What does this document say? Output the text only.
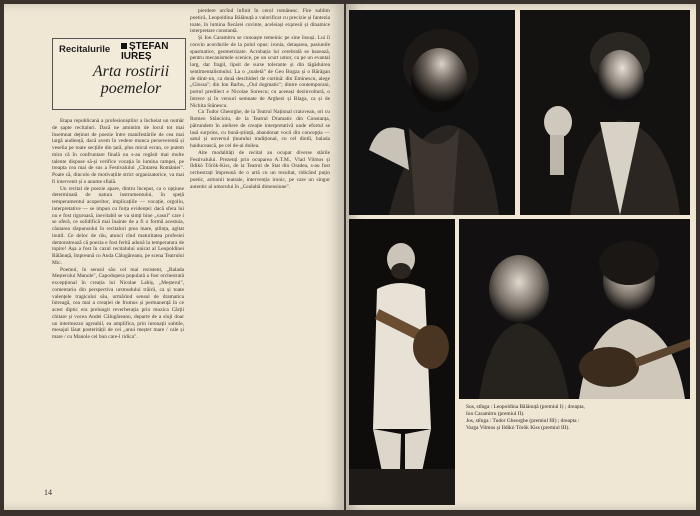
Recitalurile	ȘTEFAN IUREȘ
Arta rostirii poemelor

Etapa republicană a profesioniștilor a încheiat un număr de șapte recitaluri. Dacă ne amintim de locul tot mai însemnat deținut de poezie între manifestările de cea mai largă audiență, dacă avem în vedere munca perseverentă și veselia pe toate secțiile din țară, plus micul ecran, ce putem mira că în confruntare finală nu s-au regăsit mai multe talente dispuse să-și verifice vocația în lumina rampei, pe treapta cea mai de sus a Festivalului „Cîntarea României". Poate că, dincolo de motivațiile strict organizatorice, va mai fi intervenit și o anume sfială.

Un recital de poezie apare, dintru început, ca o opțiune determinată de natura instrumentului, în speță temperamentul acoperitor, implicațiile — vocație, orgoliu, interpretative — se impun cu forța evidenței: dacă sfera lui nu e fost riguroasă, inevitabil se va simți bine „vasul" care i se oferă, ce solidifică mai înainte de a fi o formă acestuia, căutarea răspunsului în recitaluri prea mare, știința, agitat inutil. Ce deloc de rău, atunci cînd maturitatea profesiei demonstrează că poezia e fost ferită adună la temperatura de topire! Așa a fost în cazul recitalului unicat al Leopoldinei Bălănuță, împreună cu Anda Călugăreanu, pe scena Teatrului Mic.

Poemul, în sensul său cel mai rezistent, „Balada Meșterului Manole", Capodopera populară a fost orchestrată excepțional în creația lui Nicolae Labiș, „Meșterul", comentariu din perspectiva ursmudului trăirii, ca și toate valențele tragicului său, urmărind sensul de dramatica întreagă, cea mai a creației de frumos și permanență în ce acest diptic era prelungit reverberația prin muzica Cărții chitare și vocea Andei Călugăreanu, departe de a sluji doar un intermezzo agreabil, ea amplifica, prin intonații subtile, mesajul lăsat posterității de cei „unui meșter mare / cale și mare / cu Manole cel bun care-l ridica".

pierdere urcînd infinit în cerul românesc. Fire sublim poetică, Leopoldina Bălănuță a valorificat cu precizie și fantezia toate, în lumina fiecărei cuvinte, aceleiași expresii și dinamice interpretare constantă.

Și Ion Caramitru se cunoaște temeinic pe sine însuși. Lui îi convin acordurile de la polul opus: ironia, detașarea, pasiunile spasmatice, geometrizate. Acrobația lui cerebrală se bazează, pentru mecanismele scenice, pe un scurt umor, ca pe un evantai larg, dar fragil, lipsit de surse tolerante și din tăgăduirea sentimentalismului. La o „toaletă" de Geo Bogza și o Bărăgan de dintr-un, ca două deschideri de cortină: din Eminescu, alege „Glossa"; din Ion Barbu, „Oul dogmatic"; dintre contemporani, portul predilect e Nicolae Sorescu; cu aceeași dezinvoltură, o întrece și în versuri semnate de Arghezi și Blaga, ca și de Nichita Stănescu.

Cu Tudor Gheorghe, de la Teatrul Național craiovean, ori cu Romeo Stăncioiu, de la Teatrul Dramatic din Constanța, pătrundem în ateliere de creație interpretativă unde efortul se lasă surprins, cu bună-știință, abandonat vocii din concepția — satul și unversul ținutului tradițional, cu cel dintîi, balada haiducească, pe cel de-al doilea.

Alte modalități de recital au ocupat diverse stările Festivalului. Prezenți prin ocuparea A.T.M., Vlad Vilmos și Ildikó Török-Kiss, de la Teatrul de Stat din Oradea, s-au fost orchestrați împreună de o artă cu un rezultat, ridicând puțin poetic, armonii teatrale, intervenția ironic, pe care un singur autentic al umorului în „Cealaltă dimensiune".

14

Sus, stînga : Leopoldina Bălănuță (premiul I) ; dreapta, Ion Caramitru (premiul II).

Jos, stînga : Tudor Gheorghe (premiul III) ; dreapta : Varga Vilmos și Ildikó Török Kiss (premiul III).
